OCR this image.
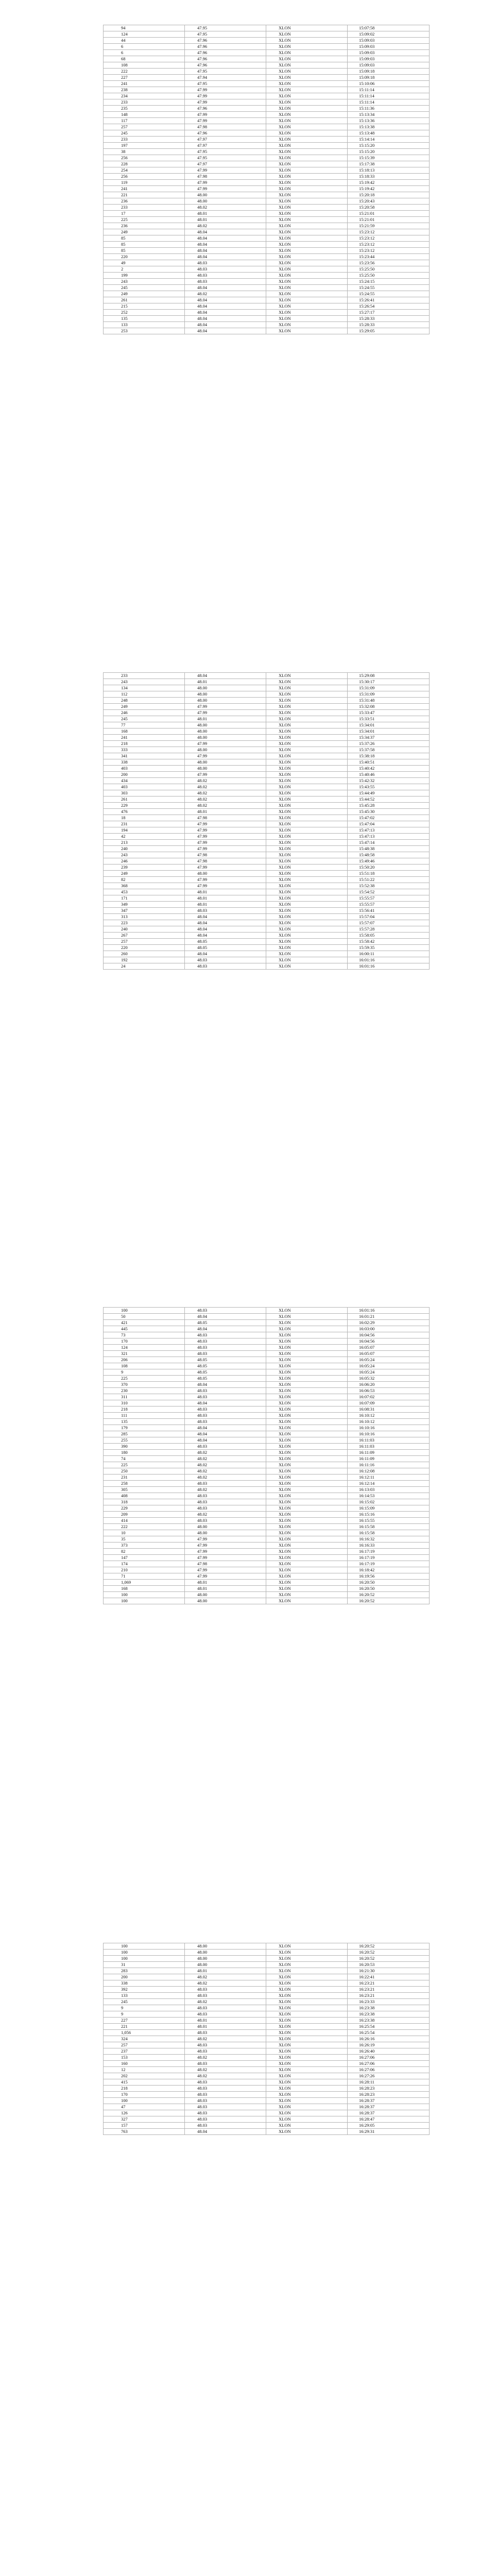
94	47.95	XLON	15:07:58
124	47.95	XLON	15:09:02
44	47.96	XLON	15:09:03
6	47.96	XLON	15:09:03
6	47.96	XLON	15:09:03
68	47.96	XLON	15:09:03
108	47.96	XLON	15:09:03
222	47.95	XLON	15:09:18
227	47.94	XLON	15:09:18
241	47.95	XLON	15:10:06
238	47.99	XLON	15:11:14
234	47.99	XLON	15:11:14
233	47.99	XLON	15:11:14
235	47.96	XLON	15:11:36
148	47.99	XLON	15:13:34
117	47.99	XLON	15:13:36
257	47.98	XLON	15:13:38
245	47.96	XLON	15:13:48
233	47.97	XLON	15:14:14
197	47.97	XLON	15:15:20
38	47.95	XLON	15:15:20
256	47.95	XLON	15:15:39
228	47.97	XLON	15:17:38
254	47.99	XLON	15:18:13
256	47.98	XLON	15:18:33
119	47.99	XLON	15:19:42
241	47.99	XLON	15:19:42
221	48.00	XLON	15:20:18
236	48.00	XLON	15:20:43
233	48.02	XLON	15:20:58
17	48.01	XLON	15:21:01
225	48.01	XLON	15:21:01
236	48.02	XLON	15:21:59
249	48.04	XLON	15:23:12
85	48.04	XLON	15:23:12
85	48.04	XLON	15:23:12
85	48.04	XLON	15:23:12
220	48.04	XLON	15:23:44
49	48.03	XLON	15:23:56
2	48.03	XLON	15:25:50
199	48.03	XLON	15:25:50
243	48.03	XLON	15:24:15
245	48.04	XLON	15:24:55
249	48.02	XLON	15:24:55
261	48.04	XLON	15:26:41
215	48.04	XLON	15:26:54
252	48.04	XLON	15:27:17
135	48.04	XLON	15:28:33
133	48.04	XLON	15:28:33
253	48.04	XLON	15:29:05
233	48.04	XLON	15:29:08
243	48.01	XLON	15:30:17
134	48.00	XLON	15:31:09
112	48.00	XLON	15:31:09
248	48.00	XLON	15:31:48
249	47.99	XLON	15:32:08
246	47.99	XLON	15:33:47
245	48.01	XLON	15:33:51
77	48.00	XLON	15:34:01
168	48.00	XLON	15:34:01
241	48.00	XLON	15:34:37
218	47.99	XLON	15:37:26
333	48.00	XLON	15:37:58
341	47.99	XLON	15:38:18
338	48.00	XLON	15:40:51
403	48.00	XLON	15:40:42
200	47.99	XLON	15:40:46
434	48.02	XLON	15:42:32
403	48.02	XLON	15:43:55
303	48.02	XLON	15:44:49
261	48.02	XLON	15:44:52
229	48.02	XLON	15:45:28
476	48.01	XLON	15:45:30
18	47.98	XLON	15:47:02
231	47.99	XLON	15:47:04
194	47.99	XLON	15:47:13
42	47.99	XLON	15:47:13
213	47.99	XLON	15:47:14
240	47.99	XLON	15:48:38
243	47.98	XLON	15:48:58
246	47.98	XLON	15:49:46
239	47.99	XLON	15:50:20
249	48.00	XLON	15:51:18
82	47.99	XLON	15:51:22
368	47.99	XLON	15:52:38
453	48.01	XLON	15:54:52
171	48.01	XLON	15:55:57
349	48.01	XLON	15:55:57
347	48.03	XLON	15:56:41
313	48.04	XLON	15:57:04
223	48.04	XLON	15:57:07
240	48.04	XLON	15:57:28
267	48.04	XLON	15:58:05
257	48.05	XLON	15:58:42
220	48.05	XLON	15:59:35
260	48.04	XLON	16:00:11
192	48.03	XLON	16:01:16
24	48.03	XLON	16:01:16
100	48.03	XLON	16:01:16
50	48.04	XLON	16:01:21
421	48.05	XLON	16:02:29
445	48.04	XLON	16:03:00
73	48.03	XLON	16:04:56
170	48.03	XLON	16:04:56
124	48.03	XLON	16:05:07
321	48.03	XLON	16:05:07
206	48.05	XLON	16:05:24
108	48.05	XLON	16:05:24
9	48.05	XLON	16:05:24
225	48.05	XLON	16:05:32
370	48.04	XLON	16:06:20
230	48.03	XLON	16:06:53
311	48.03	XLON	16:07:02
310	48.04	XLON	16:07:09
218	48.03	XLON	16:08:31
111	48.03	XLON	16:10:12
135	48.03	XLON	16:10:12
179	48.04	XLON	16:10:16
285	48.04	XLON	16:10:16
255	48.04	XLON	16:11:03
390	48.03	XLON	16:11:03
180	48.02	XLON	16:11:09
74	48.02	XLON	16:11:09
225	48.02	XLON	16:11:16
250	48.02	XLON	16:12:08
231	48.02	XLON	16:12:11
258	48.03	XLON	16:12:14
305	48.02	XLON	16:13:03
408	48.03	XLON	16:14:53
318	48.03	XLON	16:15:02
229	48.03	XLON	16:15:09
209	48.02	XLON	16:15:16
414	48.03	XLON	16:15:55
222	48.00	XLON	16:15:58
10	48.00	XLON	16:15:58
35	47.99	XLON	16:16:32
373	47.99	XLON	16:16:33
82	47.99	XLON	16:17:19
147	47.99	XLON	16:17:19
174	47.98	XLON	16:17:19
210	47.99	XLON	16:18:42
71	47.99	XLON	16:19:56
1,069	48.01	XLON	16:20:50
168	48.01	XLON	16:20:50
100	48.00	XLON	16:20:52
100	48.00	XLON	16:20:52
100	48.00	XLON	16:20:52
100	48.00	XLON	16:20:52
100	48.00	XLON	16:20:52
31	48.00	XLON	16:20:53
283	48.01	XLON	16:21:30
200	48.02	XLON	16:22:41
338	48.02	XLON	16:23:21
392	48.03	XLON	16:23:21
133	48.03	XLON	16:23:21
245	48.02	XLON	16:23:33
9	48.03	XLON	16:23:38
9	48.03	XLON	16:23:38
227	48.01	XLON	16:23:38
221	48.01	XLON	16:25:54
1,056	48.03	XLON	16:25:54
324	48.02	XLON	16:26:16
257	48.03	XLON	16:26:19
237	48.03	XLON	16:26:40
153	48.02	XLON	16:27:06
160	48.03	XLON	16:27:06
12	48.02	XLON	16:27:06
202	48.02	XLON	16:27:26
415	48.03	XLON	16:28:11
218	48.03	XLON	16:28:23
170	48.03	XLON	16:28:23
100	48.03	XLON	16:28:37
47	48.03	XLON	16:28:37
126	48.03	XLON	16:28:37
327	48.03	XLON	16:28:47
157	48.03	XLON	16:29:05
763	48.04	XLON	16:29:31
